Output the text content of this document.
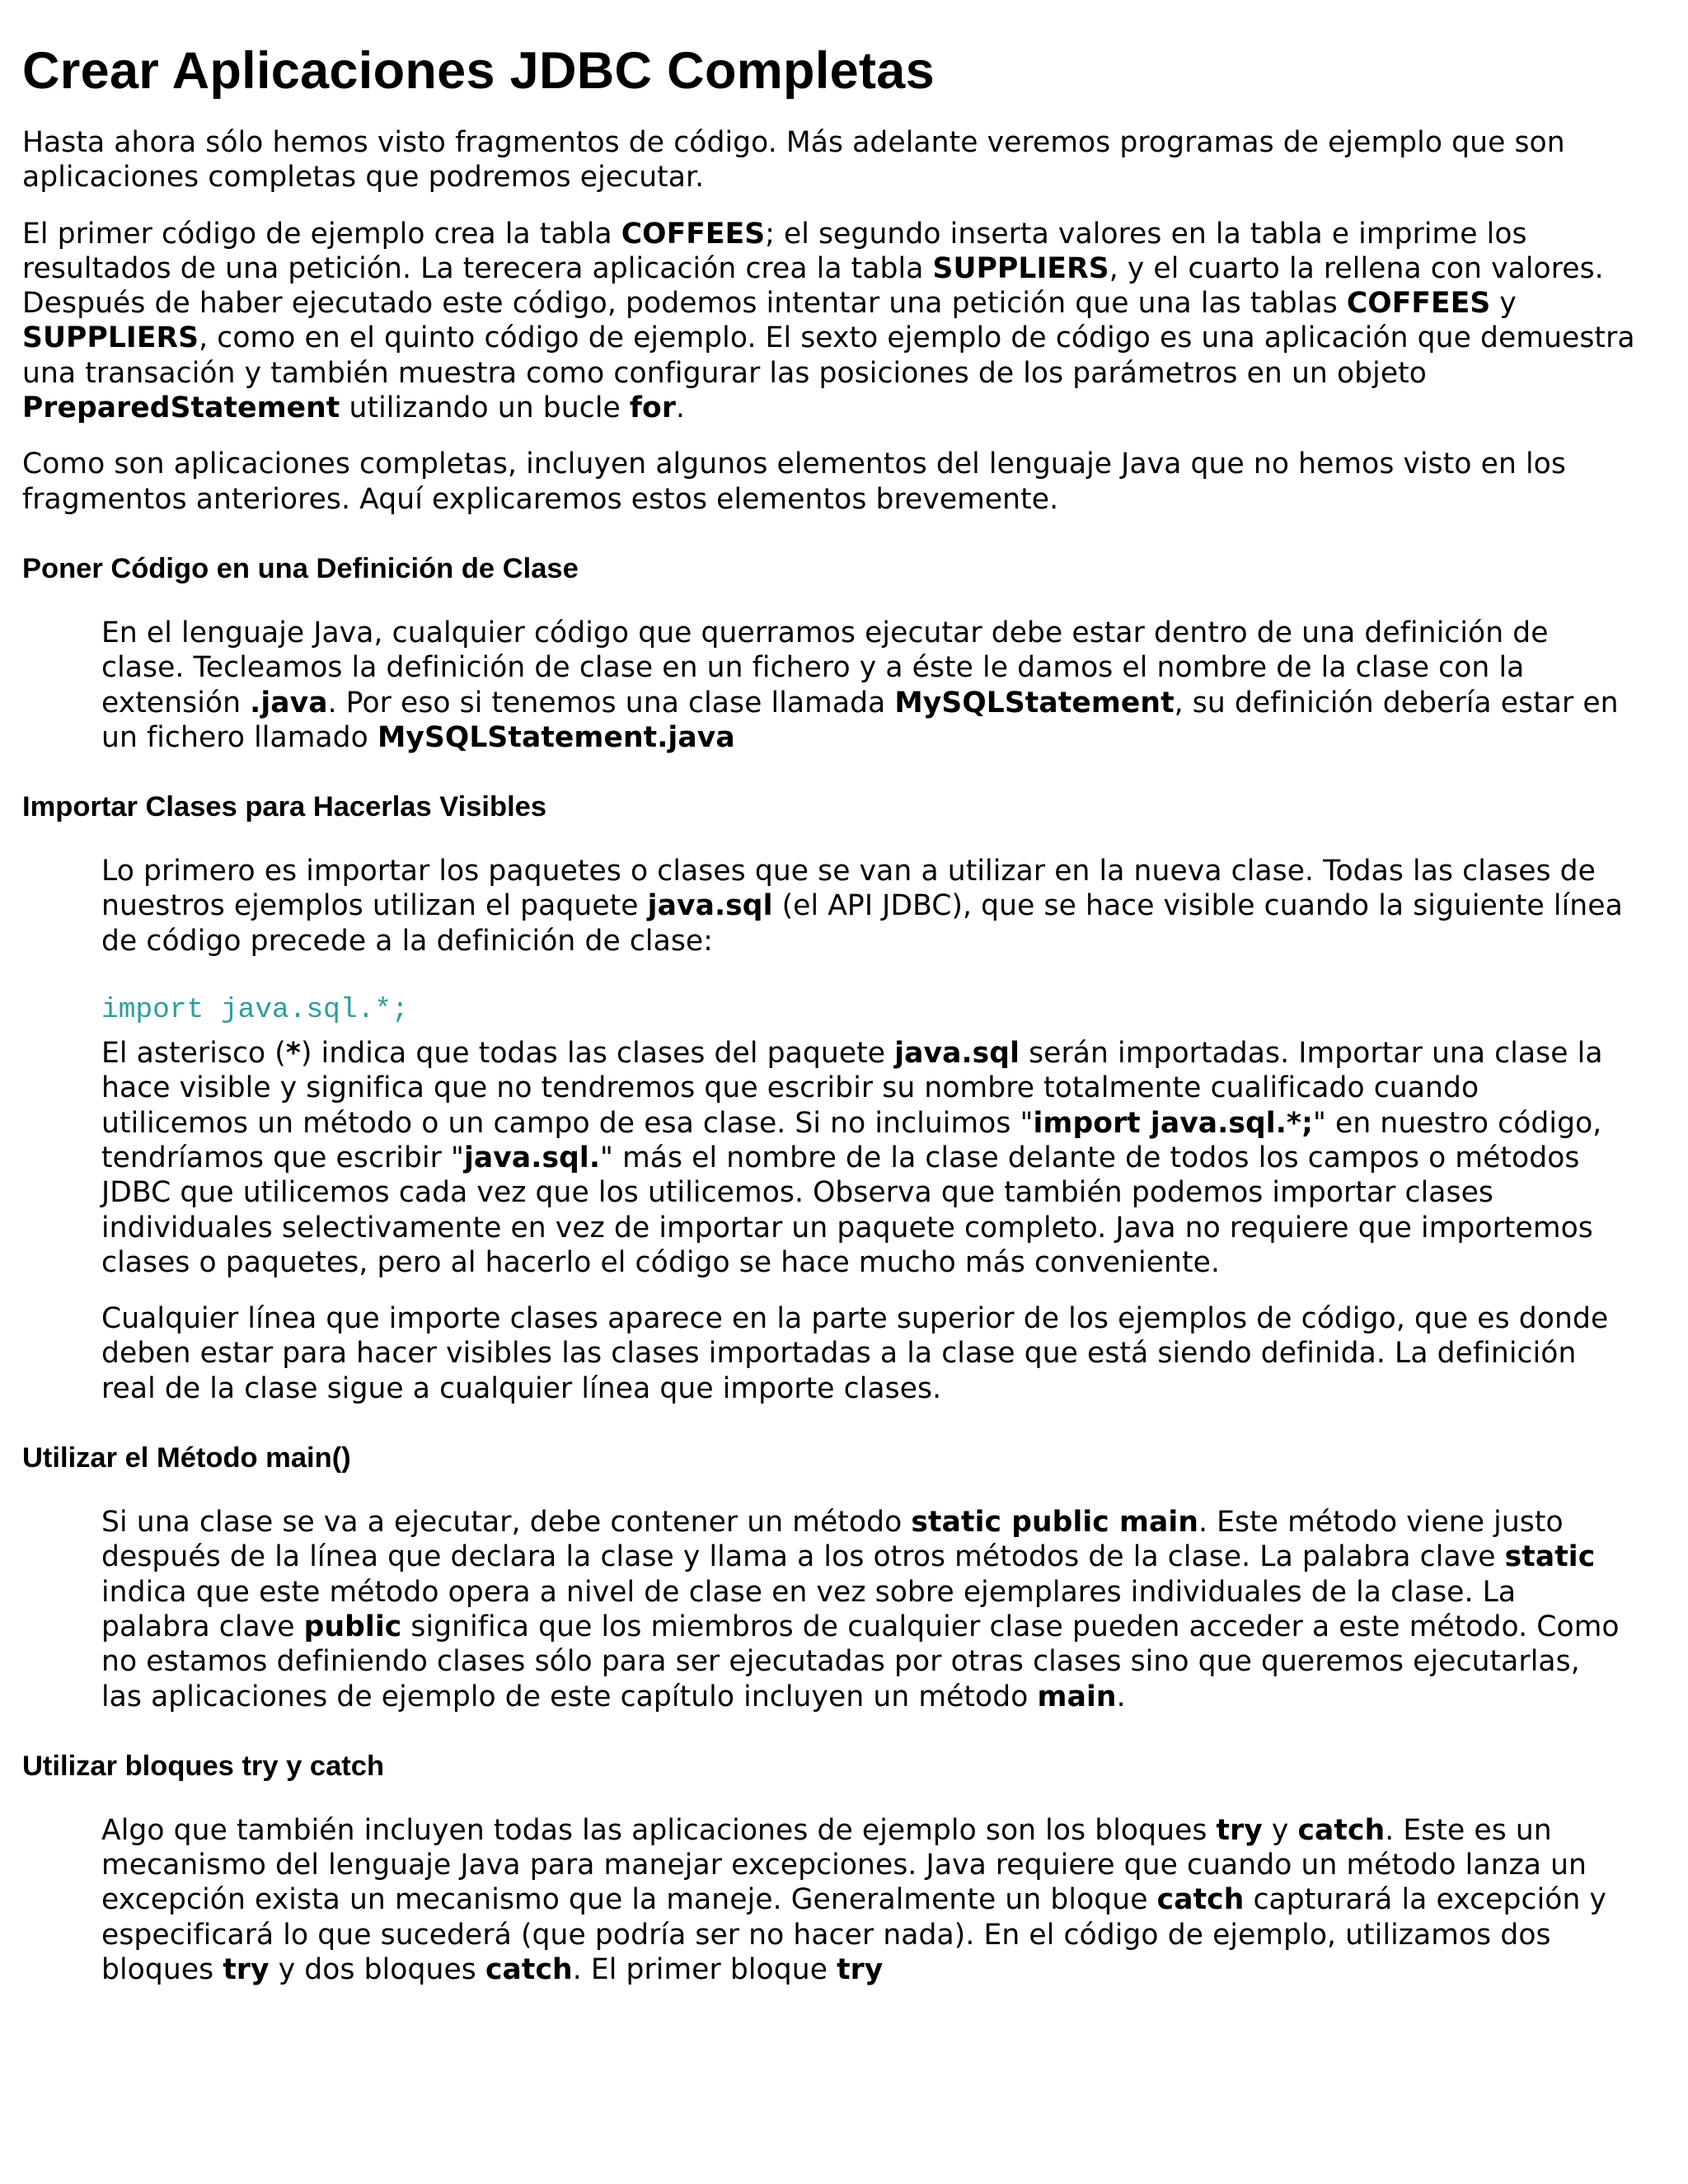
Crear Aplicaciones JDBC Completas

Hasta ahora sólo hemos visto fragmentos de código. Más adelante veremos programas de ejemplo que son aplicaciones completas que podremos ejecutar.

El primer código de ejemplo crea la tabla COFFEES; el segundo inserta valores en la tabla e imprime los resultados de una petición. La terecera aplicación crea la tabla SUPPLIERS, y el cuarto la rellena con valores. Después de haber ejecutado este código, podemos intentar una petición que una las tablas COFFEES y SUPPLIERS, como en el quinto código de ejemplo. El sexto ejemplo de código es una aplicación que demuestra una transación y también muestra como configurar las posiciones de los parámetros en un objeto PreparedStatement utilizando un bucle for.

Como son aplicaciones completas, incluyen algunos elementos del lenguaje Java que no hemos visto en los fragmentos anteriores. Aquí explicaremos estos elementos brevemente.

Poner Código en una Definición de Clase

En el lenguaje Java, cualquier código que querramos ejecutar debe estar dentro de una definición de clase. Tecleamos la definición de clase en un fichero y a éste le damos el nombre de la clase con la extensión .java. Por eso si tenemos una clase llamada MySQLStatement, su definición debería estar en un fichero llamado MySQLStatement.java

Importar Clases para Hacerlas Visibles

Lo primero es importar los paquetes o clases que se van a utilizar en la nueva clase. Todas las clases de nuestros ejemplos utilizan el paquete java.sql (el API JDBC), que se hace visible cuando la siguiente línea de código precede a la definición de clase:

import java.sql.*;

El asterisco (*) indica que todas las clases del paquete java.sql serán importadas. Importar una clase la hace visible y significa que no tendremos que escribir su nombre totalmente cualificado cuando utilicemos un método o un campo de esa clase. Si no incluimos "import java.sql.*;" en nuestro código, tendríamos que escribir "java.sql." más el nombre de la clase delante de todos los campos o métodos JDBC que utilicemos cada vez que los utilicemos. Observa que también podemos importar clases individuales selectivamente en vez de importar un paquete completo. Java no requiere que importemos clases o paquetes, pero al hacerlo el código se hace mucho más conveniente.

Cualquier línea que importe clases aparece en la parte superior de los ejemplos de código, que es donde deben estar para hacer visibles las clases importadas a la clase que está siendo definida. La definición real de la clase sigue a cualquier línea que importe clases.

Utilizar el Método main()

Si una clase se va a ejecutar, debe contener un método static public main. Este método viene justo después de la línea que declara la clase y llama a los otros métodos de la clase. La palabra clave static indica que este método opera a nivel de clase en vez sobre ejemplares individuales de la clase. La palabra clave public significa que los miembros de cualquier clase pueden acceder a este método. Como no estamos definiendo clases sólo para ser ejecutadas por otras clases sino que queremos ejecutarlas, las aplicaciones de ejemplo de este capítulo incluyen un método main.

Utilizar bloques try y catch

Algo que también incluyen todas las aplicaciones de ejemplo son los bloques try y catch. Este es un mecanismo del lenguaje Java para manejar excepciones. Java requiere que cuando un método lanza un excepción exista un mecanismo que la maneje. Generalmente un bloque catch capturará la excepción y especificará lo que sucederá (que podría ser no hacer nada). En el código de ejemplo, utilizamos dos bloques try y dos bloques catch. El primer bloque try
